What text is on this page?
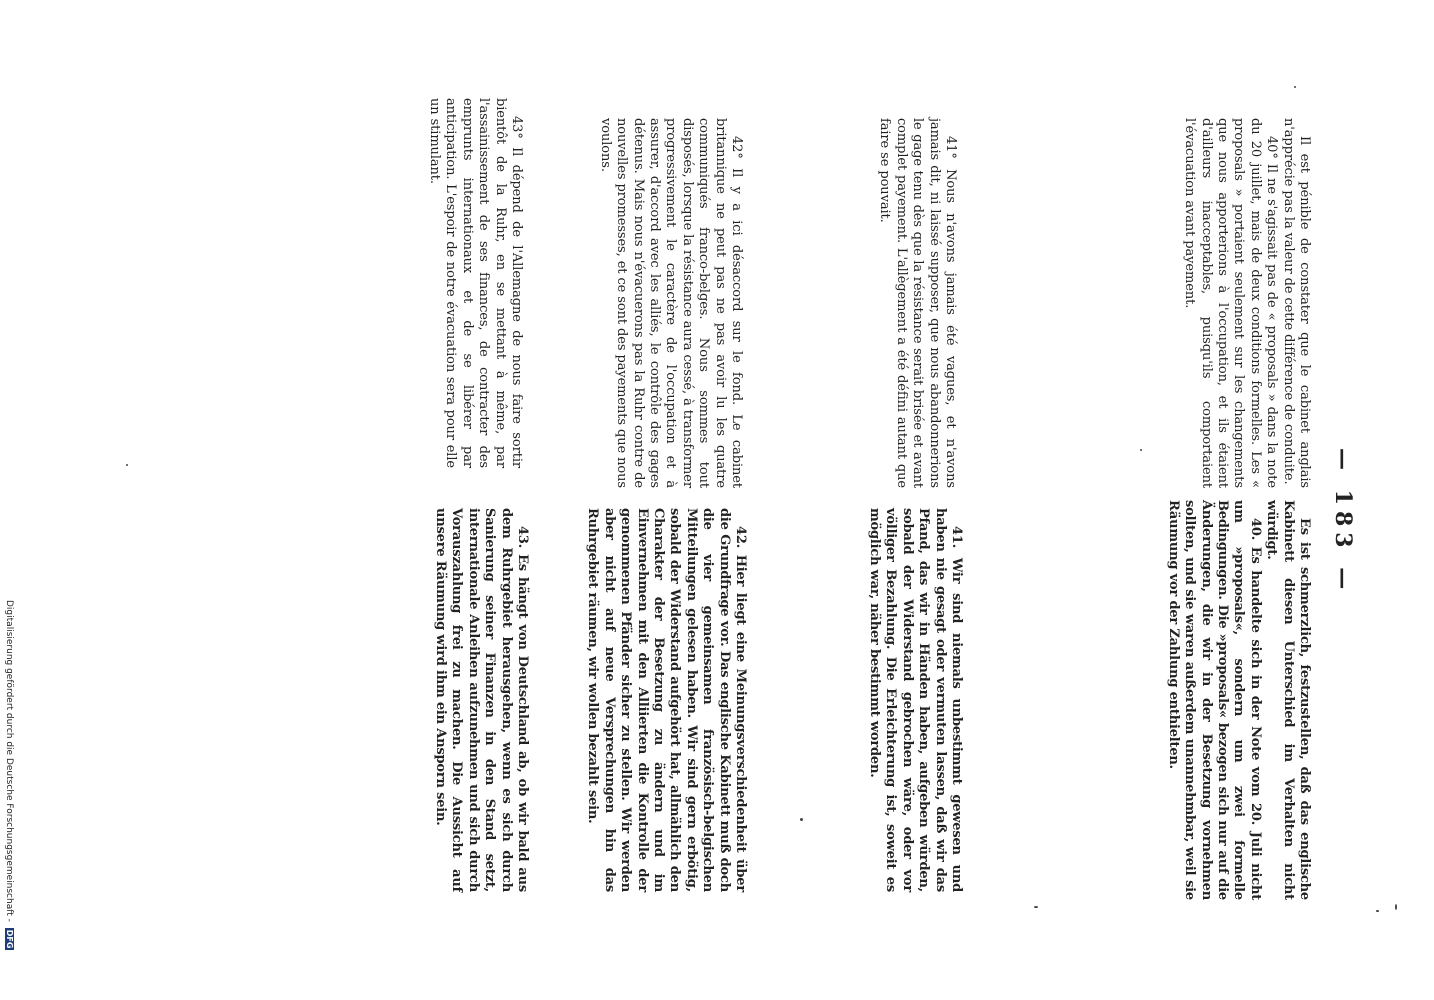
— 183 —

Il est pénible de constater que le cabinet anglais n'apprécie pas la valeur de cette différence de conduite.

40° Il ne s'agissait pas de « proposals » dans la note du 20 juillet, mais de deux conditions formelles. Les « proposals » portaient seulement sur les changements que nous apporterions à l'occupation, et ils étaient d'ailleurs inacceptables, puisqu'ils comportaient l'évacuation avant payement.

41° Nous n'avons jamais été vagues, et n'avons jamais dit, ni laissé supposer, que nous abandonnerions le gage tenu dès que la résistance serait brisée et avant complet payement. L'allègement a été défini autant que faire se pouvait.

42° Il y a ici désaccord sur le fond. Le cabinet britannique ne peut pas ne pas avoir lu les quatre communiqués franco-belges. Nous sommes tout disposés, lorsque la résistance aura cessé, à transformer progressivement le caractère de l'occupation et à assurer, d'accord avec les alliés, le contrôle des gages détenus. Mais nous n'évacuerons pas la Ruhr contre de nouvelles promesses, et ce sont des payements que nous voulons.

43° Il dépend de l'Allemagne de nous faire sortir bientôt de la Ruhr, en se mettant à même, par l'assainissement de ses finances, de contracter des emprunts internationaux et de se libérer par anticipation. L'espoir de notre évacuation sera pour elle un stimulant.

Es ist schmerzlich, festzustellen, daß das englische Kabinett diesen Unterschied im Verhalten nicht würdigt.

40. Es handelte sich in der Note vom 20. Juli nicht um »proposals«, sondern um zwei formelle Bedingungen. Die »proposals« bezogen sich nur auf die Änderungen, die wir in der Besetzung vornehmen sollten, und sie waren außerdem unannehmbar, weil sie Räumung vor der Zahlung enthielten.

41. Wir sind niemals unbestimmt gewesen und haben nie gesagt oder vermuten lassen, daß wir das Pfand, das wir in Händen haben, aufgeben würden, sobald der Widerstand gebrochen wäre, oder vor völliger Bezahlung. Die Erleichterung ist, soweit es möglich war, näher bestimmt worden.

42. Hier liegt eine Meinungsverschiedenheit über die Grundfrage vor. Das englische Kabinett muß doch die vier gemeinsamen französisch-belgischen Mitteilungen gelesen haben. Wir sind gern erbötig, sobald der Widerstand aufgehört hat, allmählich den Charakter der Besetzung zu ändern und im Einvernehmen mit den Alliierten die Kontrolle der genommenen Pfänder sicher zu stellen. Wir werden aber nicht auf neue Versprechungen hin das Ruhrgebiet räumen, wir wollen bezahlt sein.

43. Es hängt von Deutschland ab, ob wir bald aus dem Ruhrgebiet herausgehen, wenn es sich durch Sanierung seiner Finanzen in den Stand setzt, internationale Anleihen aufzunehmen und sich durch Vorauszahlung frei zu machen. Die Aussicht auf unsere Räumung wird ihm ein Ansporn sein.

Digitalisierung gefördert durch die Deutsche Forschungsgemeinschaft - DFG
